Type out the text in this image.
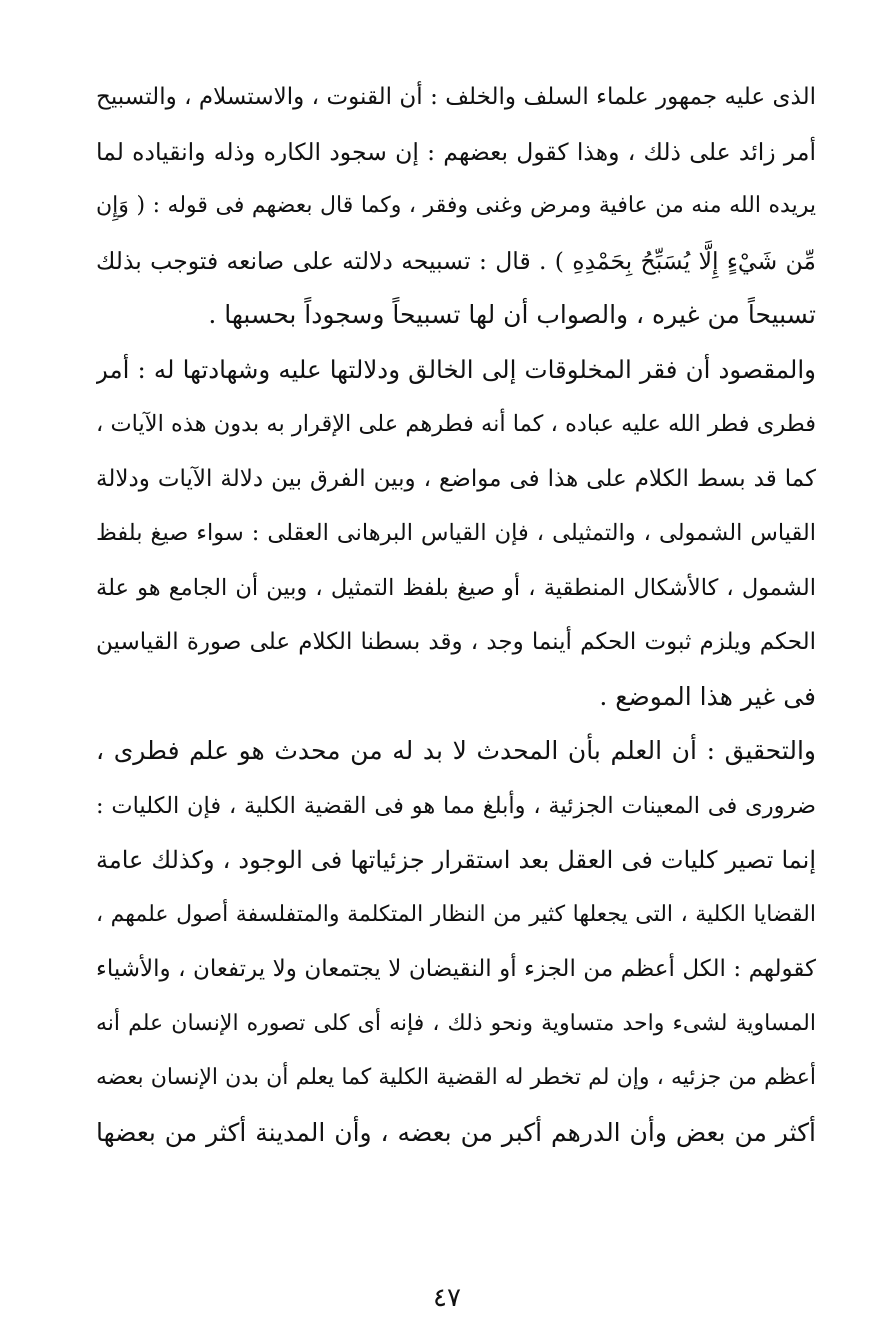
الذى عليه جمهور علماء السلف والخلف : أن القنوت ، والاستسلام ، والتسبيح
أمر زائد على ذلك ، وهذا كقول بعضهم : إن سجود الكاره وذله وانقياده لما
يريده الله منه من عافية ومرض وغنى وفقر ، وكما قال بعضهم فى قوله : ( وَإِن
مِّن شَيْءٍ إِلَّا يُسَبِّحُ بِحَمْدِهِ ) . قال : تسبيحه دلالته على صانعه فتوجب بذلك
تسبيحاً من غيره ، والصواب أن لها تسبيحاً وسجوداً بحسبها .
والمقصود أن فقر المخلوقات إلى الخالق ودلالتها عليه وشهادتها له : أمر
فطرى فطر الله عليه عباده ، كما أنه فطرهم على الإقرار به بدون هذه الآيات ،
كما قد بسط الكلام على هذا فى مواضع ، وبين الفرق بين دلالة الآيات ودلالة
القياس الشمولى ، والتمثيلى ، فإن القياس البرهانى العقلى : سواء صيغ بلفظ
الشمول ، كالأشكال المنطقية ، أو صيغ بلفظ التمثيل ، وبين أن الجامع هو علة
الحكم ويلزم ثبوت الحكم أينما وجد ، وقد بسطنا الكلام على صورة القياسين
فى غير هذا الموضع .
والتحقيق : أن العلم بأن المحدث لا بد له من محدث هو علم فطرى ،
ضرورى فى المعينات الجزئية ، وأبلغ مما هو فى القضية الكلية ، فإن الكليات :
إنما تصير كليات فى العقل بعد استقرار جزئياتها فى الوجود ، وكذلك عامة
القضايا الكلية ، التى يجعلها كثير من النظار المتكلمة والمتفلسفة أصول علمهم ،
كقولهم : الكل أعظم من الجزء أو النقيضان لا يجتمعان ولا يرتفعان ، والأشياء
المساوية لشىء واحد متساوية ونحو ذلك ، فإنه أى كلى تصوره الإنسان علم أنه
أعظم من جزئيه ، وإن لم تخطر له القضية الكلية كما يعلم أن بدن الإنسان بعضه
أكثر من بعض وأن الدرهم أكبر من بعضه ، وأن المدينة أكثر من بعضها
٤٧
